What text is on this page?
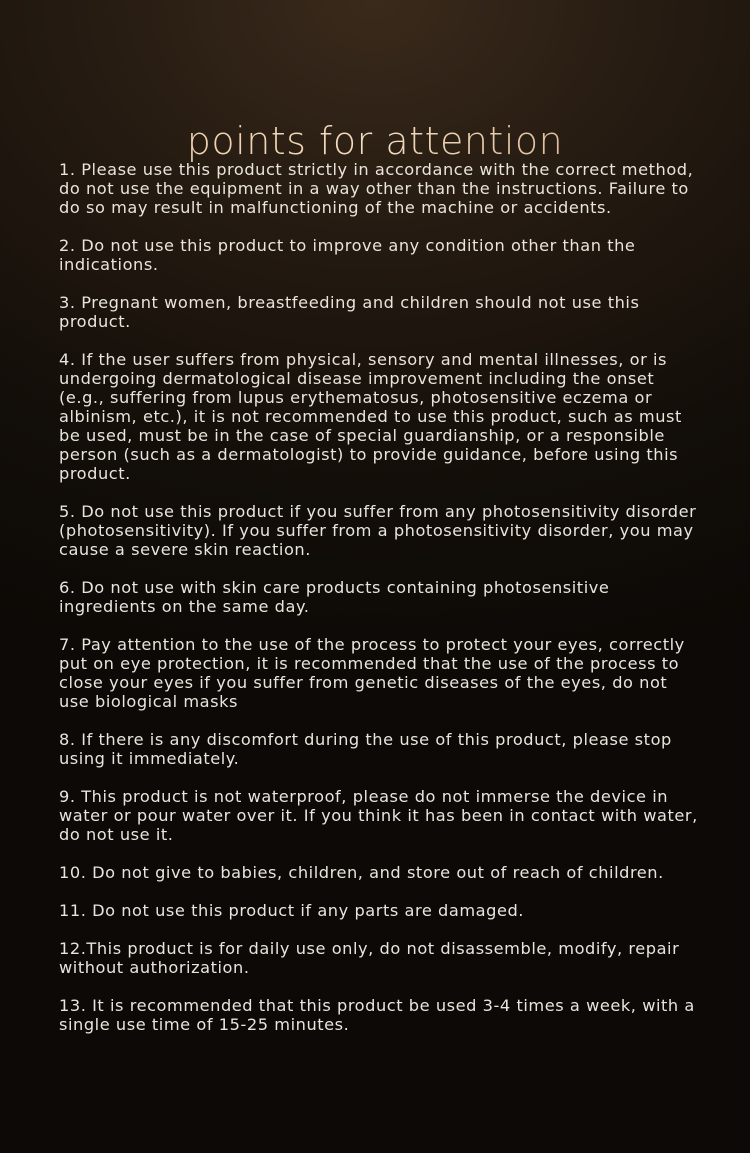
points for attention

1. Please use this product strictly in accordance with the correct method, do not use the equipment in a way other than the instructions. Failure to do so may result in malfunctioning of the machine or accidents.

2. Do not use this product to improve any condition other than the indications.

3. Pregnant women, breastfeeding and children should not use this product.

4. If the user suffers from physical, sensory and mental illnesses, or is undergoing dermatological disease improvement including the onset (e.g., suffering from lupus erythematosus, photosensitive eczema or albinism, etc.), it is not recommended to use this product, such as must be used, must be in the case of special guardianship, or a responsible person (such as a dermatologist) to provide guidance, before using this product.

5. Do not use this product if you suffer from any photosensitivity disorder (photosensitivity). If you suffer from a photosensitivity disorder, you may cause a severe skin reaction.

6. Do not use with skin care products containing photosensitive ingredients on the same day.

7. Pay attention to the use of the process to protect your eyes, correctly put on eye protection, it is recommended that the use of the process to close your eyes if you suffer from genetic diseases of the eyes, do not use biological masks

8. If there is any discomfort during the use of this product, please stop using it immediately.

9. This product is not waterproof, please do not immerse the device in water or pour water over it. If you think it has been in contact with water, do not use it.

10. Do not give to babies, children, and store out of reach of children.

11. Do not use this product if any parts are damaged.

12.This product is for daily use only, do not disassemble, modify, repair without authorization.

13. It is recommended that this product be used 3-4 times a week, with a single use time of 15-25 minutes.
